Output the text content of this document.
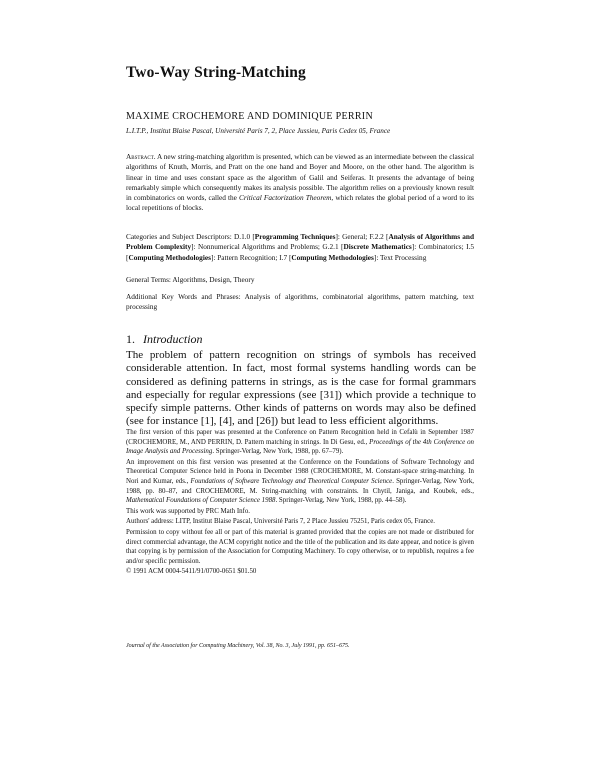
Two-Way String-Matching
MAXIME CROCHEMORE AND DOMINIQUE PERRIN
L.I.T.P., Institut Blaise Pascal, Université Paris 7, 2, Place Jussieu, Paris Cedex 05, France
Abstract. A new string-matching algorithm is presented, which can be viewed as an intermediate between the classical algorithms of Knuth, Morris, and Pratt on the one hand and Boyer and Moore, on the other hand. The algorithm is linear in time and uses constant space as the algorithm of Galil and Seiferas. It presents the advantage of being remarkably simple which consequently makes its analysis possible. The algorithm relies on a previously known result in combinatorics on words, called the Critical Factorization Theorem, which relates the global period of a word to its local repetitions of blocks.
Categories and Subject Descriptors: D.1.0 [Programming Techniques]: General; F.2.2 [Analysis of Algorithms and Problem Complexity]: Nonnumerical Algorithms and Problems; G.2.1 [Discrete Mathematics]: Combinatorics; I.5 [Computing Methodologies]: Pattern Recognition; I.7 [Computing Methodologies]: Text Processing
General Terms: Algorithms, Design, Theory
Additional Key Words and Phrases: Analysis of algorithms, combinatorial algorithms, pattern matching, text processing
1. Introduction
The problem of pattern recognition on strings of symbols has received considerable attention. In fact, most formal systems handling words can be considered as defining patterns in strings, as is the case for formal grammars and especially for regular expressions (see [31]) which provide a technique to specify simple patterns. Other kinds of patterns on words may also be defined (see for instance [1], [4], and [26]) but lead to less efficient algorithms.

The first version of this paper was presented at the Conference on Pattern Recognition held in Cefalù in September 1987 (CROCHEMORE, M., AND PERRIN, D. Pattern matching in strings. In Di Gesu, ed., Proceedings of the 4th Conference on Image Analysis and Processing. Springer-Verlag, New York, 1988, pp. 67–79).

An improvement on this first version was presented at the Conference on the Foundations of Software Technology and Theoretical Computer Science held in Poona in December 1988 (CROCHEMORE, M. Constant-space string-matching. In Nori and Kumar, eds., Foundations of Software Technology and Theoretical Computer Science. Springer-Verlag, New York, 1988, pp. 80–87, and CROCHEMORE, M. String-matching with constraints. In Chytil, Janiga, and Koubek, eds., Mathematical Foundations of Computer Science 1988. Springer-Verlag, New York, 1988, pp. 44–58).

This work was supported by PRC Math Info.

Authors' address: LITP, Institut Blaise Pascal, Université Paris 7, 2 Place Jussieu 75251, Paris cedex 05, France.

Permission to copy without fee all or part of this material is granted provided that the copies are not made or distributed for direct commercial advantage, the ACM copyright notice and the title of the publication and its date appear, and notice is given that copying is by permission of the Association for Computing Machinery. To copy otherwise, or to republish, requires a fee and/or specific permission.

© 1991 ACM 0004-5411/91/0700-0651 $01.50

Journal of the Association for Computing Machinery, Vol. 38, No. 3, July 1991, pp. 651–675.
